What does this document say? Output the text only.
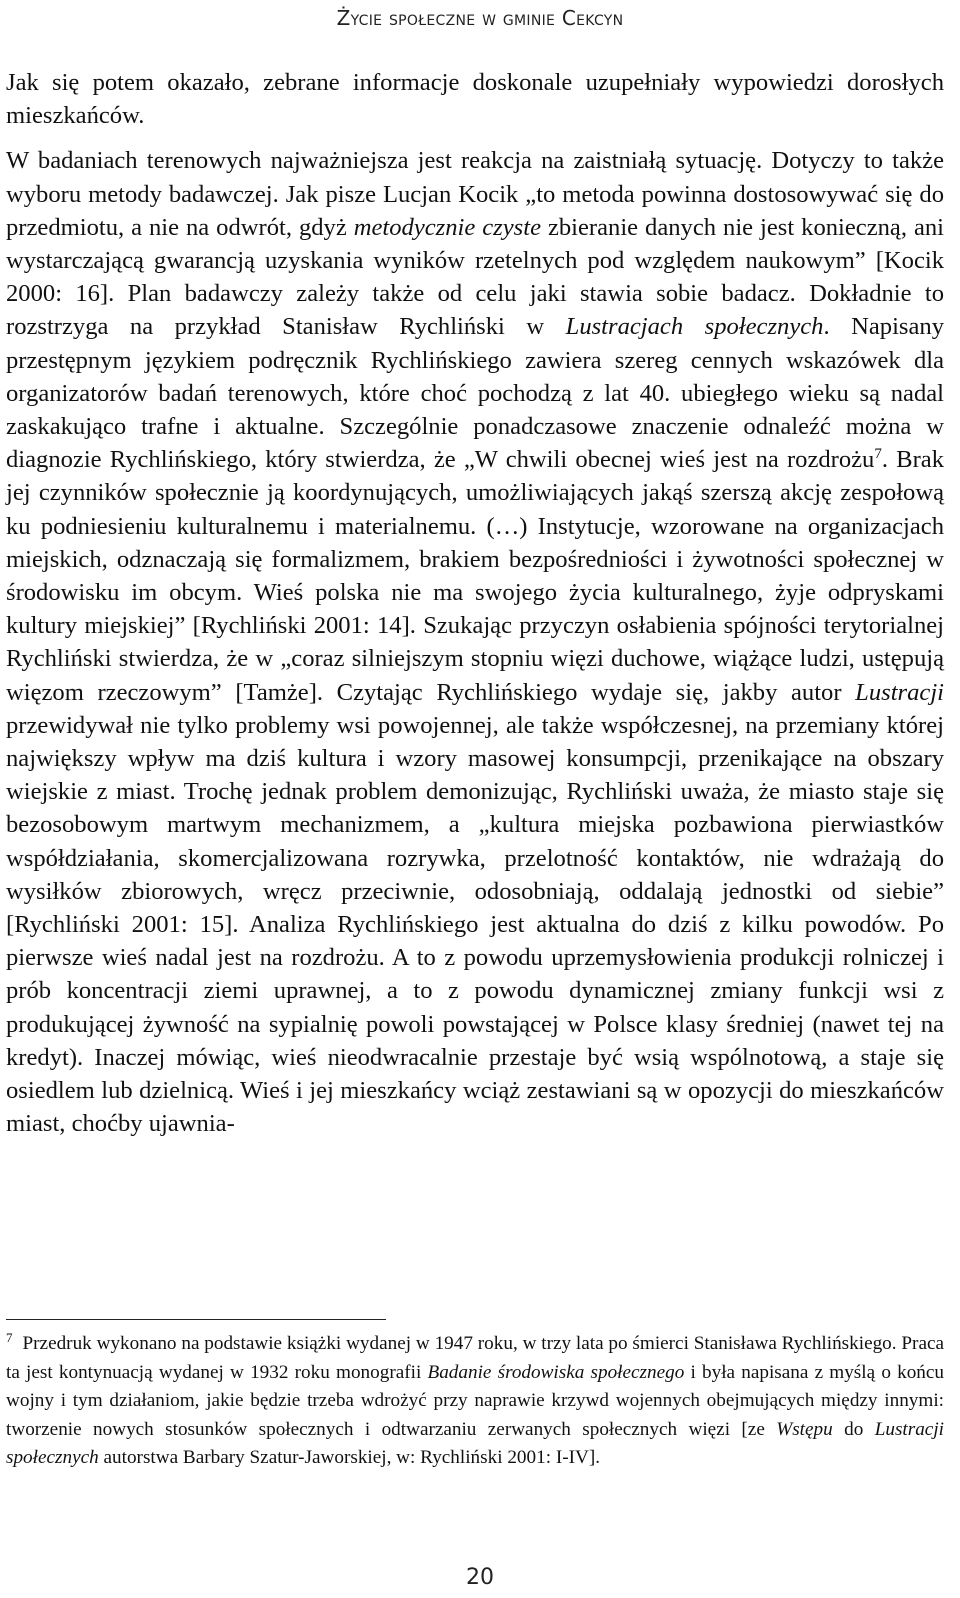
Życie społeczne w gminie Cekcyn

Jak się potem okazało, zebrane informacje doskonale uzupełniały wypowiedzi dorosłych mieszkańców.

W badaniach terenowych najważniejsza jest reakcja na zaistniałą sytuację. Dotyczy to także wyboru metody badawczej. Jak pisze Lucjan Kocik „to metoda powinna dostosowywać się do przedmiotu, a nie na odwrót, gdyż metodycznie czyste zbieranie danych nie jest konieczną, ani wystarczającą gwarancją uzyskania wyników rzetelnych pod względem naukowym” [Kocik 2000: 16]. Plan badawczy zależy także od celu jaki stawia sobie badacz. Dokładnie to rozstrzyga na przykład Stanisław Rychliński w Lustracjach społecznych. Napisany przestępnym językiem podręcznik Rychlińskiego zawiera szereg cennych wskazówek dla organizatorów badań terenowych, które choć pochodzą z lat 40. ubiegłego wieku są nadal zaskakująco trafne i aktualne. Szczególnie ponadczasowe znaczenie odnaleźć można w diagnozie Rychlińskiego, który stwierdza, że „W chwili obecnej wieś jest na rozdrożu$^7$. Brak jej czynników społecznie ją koordynujących, umożliwiających jakąś szerszą akcję zespołową ku podniesieniu kulturalnemu i materialnemu. (…) Instytucje, wzorowane na organizacjach miejskich, odznaczają się formalizmem, brakiem bezpośredniości i żywotności społecznej w środowisku im obcym. Wieś polska nie ma swojego życia kulturalnego, żyje odpryskami kultury miejskiej” [Rychliński 2001: 14]. Szukając przyczyn osłabienia spójności terytorialnej Rychliński stwierdza, że w „coraz silniejszym stopniu więzi duchowe, wiążące ludzi, ustępują więzom rzeczowym” [Tamże]. Czytając Rychlińskiego wydaje się, jakby autor Lustracji przewidywał nie tylko problemy wsi powojennej, ale także współczesnej, na przemiany której największy wpływ ma dziś kultura i wzory masowej konsumpcji, przenikające na obszary wiejskie z miast. Trochę jednak problem demonizując, Rychliński uważa, że miasto staje się bezosobowym martwym mechanizmem, a „kultura miejska pozbawiona pierwiastków współdziałania, skomercjalizowana rozrywka, przelotność kontaktów, nie wdrażają do wysiłków zbiorowych, wręcz przeciwnie, odosobniają, oddalają jednostki od siebie” [Rychliński 2001: 15]. Analiza Rychlińskiego jest aktualna do dziś z kilku powodów. Po pierwsze wieś nadal jest na rozdrożu. A to z powodu uprzemysłowienia produkcji rolniczej i prób koncentracji ziemi uprawnej, a to z powodu dynamicznej zmiany funkcji wsi z produkującej żywność na sypialnię powoli powstającej w Polsce klasy średniej (nawet tej na kredyt). Inaczej mówiąc, wieś nieodwracalnie przestaje być wsią wspólnotową, a staje się osiedlem lub dzielnicą. Wieś i jej mieszkańcy wciąż zestawiani są w opozycji do mieszkańców miast, choćby ujawnia-

$^7$ Przedruk wykonano na podstawie książki wydanej w 1947 roku, w trzy lata po śmierci Stanisława Rychlińskiego. Praca ta jest kontynuacją wydanej w 1932 roku monografii Badanie środowiska społecznego i była napisana z myślą o końcu wojny i tym działaniom, jakie będzie trzeba wdrożyć przy naprawie krzywd wojennych obejmujących między innymi: tworzenie nowych stosunków społecznych i odtwarzaniu zerwanych społecznych więzi [ze Wstępu do Lustracji społecznych autorstwa Barbary Szatur-Jaworskiej, w: Rychliński 2001: I-IV].

20
